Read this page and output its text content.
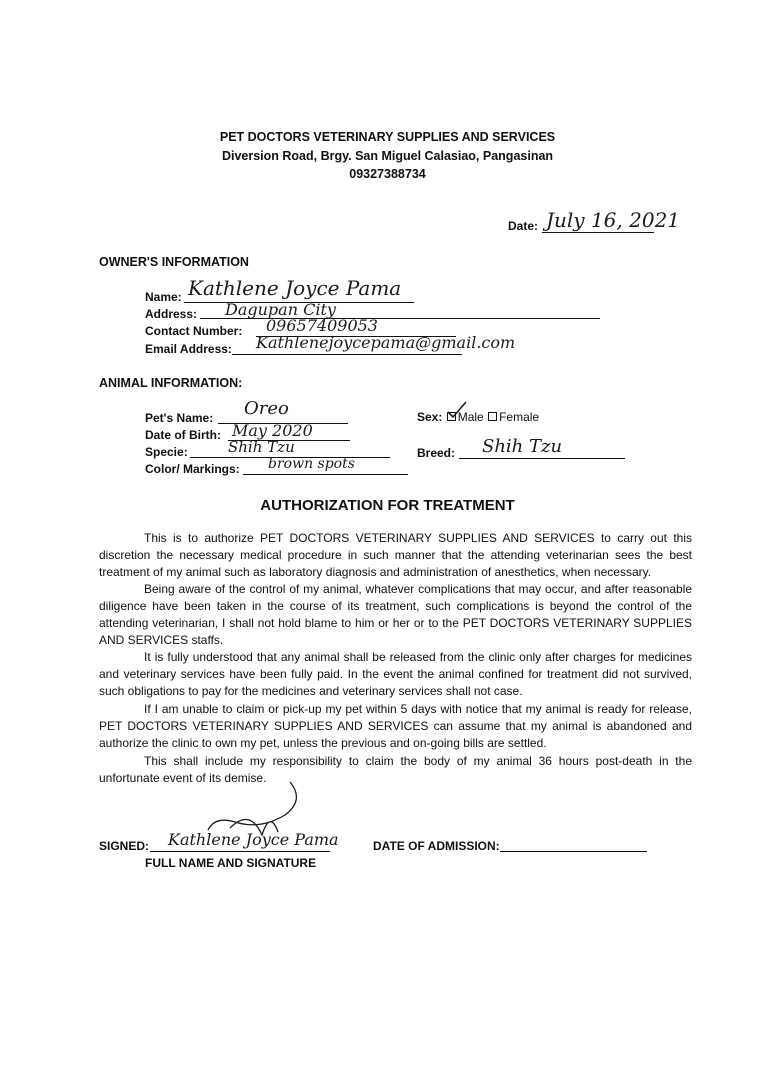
PET DOCTORS VETERINARY SUPPLIES AND SERVICES
Diversion Road, Brgy. San Miguel Calasiao, Pangasinan
09327388734
Date: July 16, 2021
OWNER'S INFORMATION
Name: Kathlene Joyce Pama
Address: Dagupan City
Contact Number: 09657409053
Email Address: Kathlenejoycepama@gmail.com
ANIMAL INFORMATION:
Pet's Name: Oreo
Date of Birth: May 2020
Specie:	Shih Tzu
Color/ Markings: brown spots
Sex: Male Female
Breed: Shih Tzu
AUTHORIZATION FOR TREATMENT
This is to authorize PET DOCTORS VETERINARY SUPPLIES AND SERVICES to carry out this discretion the necessary medical procedure in such manner that the attending veterinarian sees the best treatment of my animal such as laboratory diagnosis and administration of anesthetics, when necessary.
Being aware of the control of my animal, whatever complications that may occur, and after reasonable diligence have been taken in the course of its treatment, such complications is beyond the control of the attending veterinarian, I shall not hold blame to him or her or to the PET DOCTORS VETERINARY SUPPLIES AND SERVICES staffs.
It is fully understood that any animal shall be released from the clinic only after charges for medicines and veterinary services have been fully paid. In the event the animal confined for treatment did not survived, such obligations to pay for the medicines and veterinary services shall not case.
If I am unable to claim or pick-up my pet within 5 days with notice that my animal is ready for release, PET DOCTORS VETERINARY SUPPLIES AND SERVICES can assume that my animal is abandoned and authorize the clinic to own my pet, unless the previous and on-going bills are settled.
This shall include my responsibility to claim the body of my animal 36 hours post-death in the unfortunate event of its demise.
SIGNED: Kathlene Joyce Pama
FULL NAME AND SIGNATURE
DATE OF ADMISSION:
